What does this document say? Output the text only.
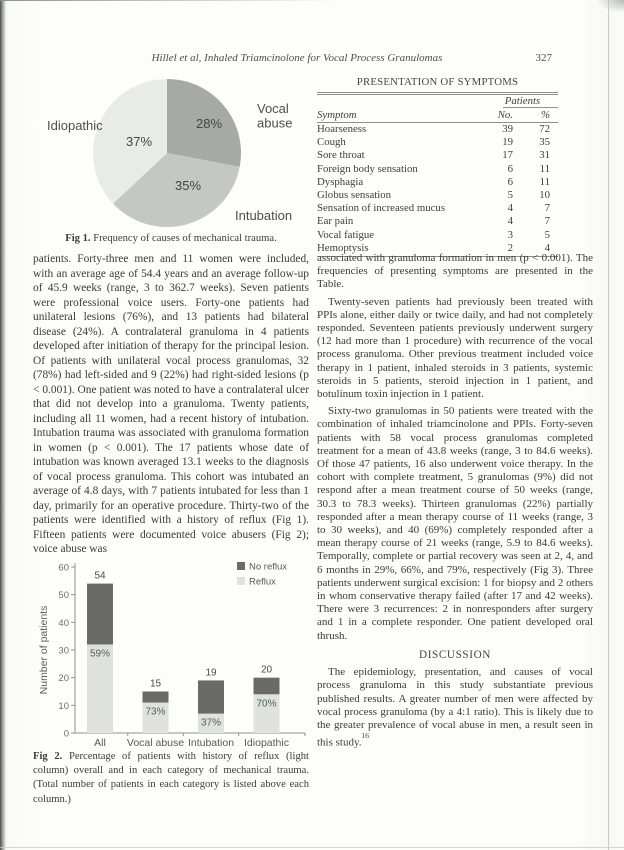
Hillel et al, Inhaled Triamcinolone for Vocal Process Granulomas	327
28%
35%
37%
Vocal abuse
Intubation
Idiopathic
Fig 1. Frequency of causes of mechanical trauma.
PRESENTATION OF SYMPTOMS
Patients
Symptom	No.	%
Hoarseness	39	72
Cough	19	35
Sore throat	17	31
Foreign body sensation	6	11
Dysphagia	6	11
Globus sensation	5	10
Sensation of increased mucus	4	7
Ear pain	4	7
Vocal fatigue	3	5
Hemoptysis	2	4

patients. Forty-three men and 11 women were included, with an average age of 54.4 years and an average follow-up of 45.9 weeks (range, 3 to 362.7 weeks). Seven patients were professional voice users. Forty-one patients had unilateral lesions (76%), and 13 patients had bilateral disease (24%). A contralateral granuloma in 4 patients developed after initiation of therapy for the principal lesion. Of patients with unilateral vocal process granulomas, 32 (78%) had left-sided and 9 (22%) had right-sided lesions (p < 0.001). One patient was noted to have a contralateral ulcer that did not develop into a granuloma. Twenty patients, including all 11 women, had a recent history of intubation. Intubation trauma was associated with granuloma formation in women (p < 0.001). The 17 patients whose date of intubation was known averaged 13.1 weeks to the diagnosis of vocal process granuloma. This cohort was intubated an average of 4.8 days, with 7 patients intubated for less than 1 day, primarily for an operative procedure. Thirty-two of the patients were identified with a history of reflux (Fig 1). Fifteen patients were documented voice abusers (Fig 2); voice abuse was

0
10
20
30
40
50
60
54
59%
All
15
73%
Vocal abuse
19
37%
Intubation
20
70%
Idiopathic
No reflux
Reflux
Number of patients
Fig 2. Percentage of patients with history of reflux (light column) overall and in each category of mechanical trauma. (Total number of patients in each category is listed above each column.)

associated with granuloma formation in men (p < 0.001). The frequencies of presenting symptoms are presented in the Table.

Twenty-seven patients had previously been treated with PPIs alone, either daily or twice daily, and had not completely responded. Seventeen patients previously underwent surgery (12 had more than 1 procedure) with recurrence of the vocal process granuloma. Other previous treatment included voice therapy in 1 patient, inhaled steroids in 3 patients, systemic steroids in 5 patients, steroid injection in 1 patient, and botulinum toxin injection in 1 patient.

Sixty-two granulomas in 50 patients were treated with the combination of inhaled triamcinolone and PPIs. Forty-seven patients with 58 vocal process granulomas completed treatment for a mean of 43.8 weeks (range, 3 to 84.6 weeks). Of those 47 patients, 16 also underwent voice therapy. In the cohort with complete treatment, 5 granulomas (9%) did not respond after a mean treatment course of 50 weeks (range, 30.3 to 78.3 weeks). Thirteen granulomas (22%) partially responded after a mean therapy course of 11 weeks (range, 3 to 30 weeks), and 40 (69%) completely responded after a mean therapy course of 21 weeks (range, 5.9 to 84.6 weeks). Temporally, complete or partial recovery was seen at 2, 4, and 6 months in 29%, 66%, and 79%, respectively (Fig 3). Three patients underwent surgical excision: 1 for biopsy and 2 others in whom conservative therapy failed (after 17 and 42 weeks). There were 3 recurrences: 2 in nonresponders after surgery and 1 in a complete responder. One patient developed oral thrush.

DISCUSSION

The epidemiology, presentation, and causes of vocal process granuloma in this study substantiate previous published results. A greater number of men were affected by vocal process granuloma (by a 4:1 ratio). This is likely due to the greater prevalence of vocal abuse in men, a result seen in this study.$^{16}$
